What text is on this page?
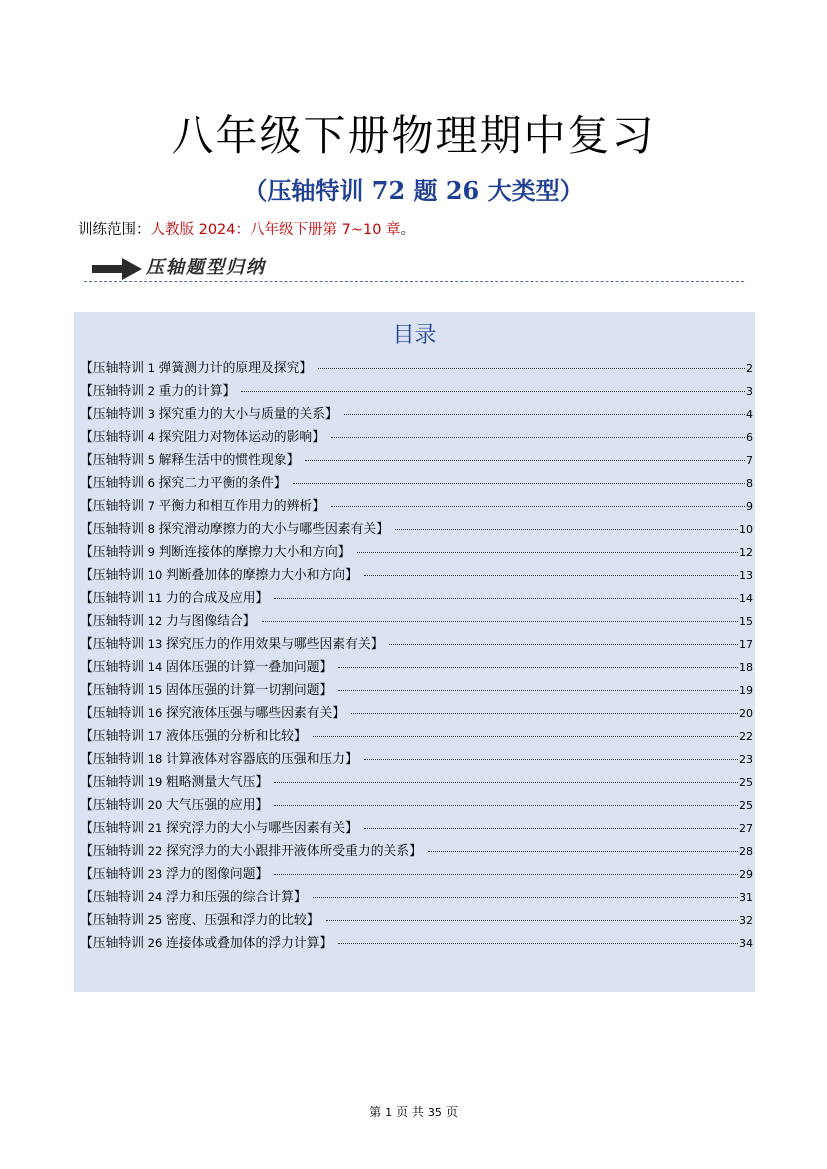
八年级下册物理期中复习
（压轴特训 72 题 26 大类型）
训练范围：人教版 2024：八年级下册第 7~10 章。
压轴题型归纳
目录
【压轴特训 1 弹簧测力计的原理及探究】	2
【压轴特训 2 重力的计算】	3
【压轴特训 3 探究重力的大小与质量的关系】	4
【压轴特训 4 探究阻力对物体运动的影响】	6
【压轴特训 5 解释生活中的惯性现象】	7
【压轴特训 6 探究二力平衡的条件】	8
【压轴特训 7 平衡力和相互作用力的辨析】	9
【压轴特训 8 探究滑动摩擦力的大小与哪些因素有关】	10
【压轴特训 9 判断连接体的摩擦力大小和方向】	12
【压轴特训 10 判断叠加体的摩擦力大小和方向】	13
【压轴特训 11 力的合成及应用】	14
【压轴特训 12 力与图像结合】	15
【压轴特训 13 探究压力的作用效果与哪些因素有关】	17
【压轴特训 14 固体压强的计算一叠加问题】	18
【压轴特训 15 固体压强的计算一切割问题】	19
【压轴特训 16 探究液体压强与哪些因素有关】	20
【压轴特训 17 液体压强的分析和比较】	22
【压轴特训 18 计算液体对容器底的压强和压力】	23
【压轴特训 19 粗略测量大气压】	25
【压轴特训 20 大气压强的应用】	25
【压轴特训 21 探究浮力的大小与哪些因素有关】	27
【压轴特训 22 探究浮力的大小跟排开液体所受重力的关系】	28
【压轴特训 23 浮力的图像问题】	29
【压轴特训 24 浮力和压强的综合计算】	31
【压轴特训 25 密度、压强和浮力的比较】	32
【压轴特训 26 连接体或叠加体的浮力计算】	34
第 1 页 共 35 页
